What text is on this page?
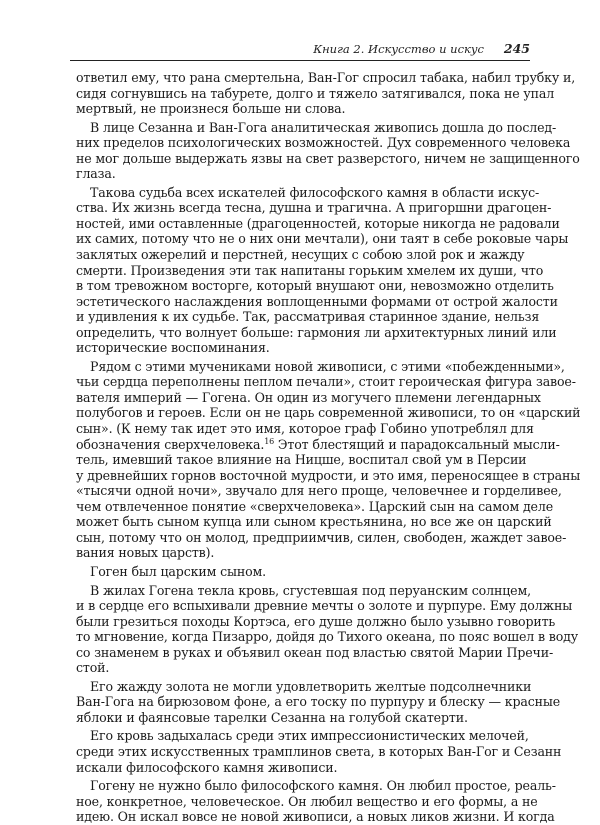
Книга 2. Искусство и искус 245
ответил ему, что рана смертельна, Ван-Гог спросил табака, набил трубку и,
сидя согнувшись на табурете, долго и тяжело затягивался, пока не упал
мертвый, не произнеся больше ни слова.
В лице Сезанна и Ван-Гога аналитическая живопись дошла до послед-
них пределов психологических возможностей. Дух современного человека
не мог дольше выдержать язвы на свет разверстого, ничем не защищенного
глаза.
Такова судьба всех искателей философского камня в области искус-
ства. Их жизнь всегда тесна, душна и трагична. А пригоршни драгоцен-
ностей, ими оставленные (драгоценностей, которые никогда не радовали
их самих, потому что не о них они мечтали), они таят в себе роковые чары
заклятых ожерелий и перстней, несущих с собою злой рок и жажду
смерти. Произведения эти так напитаны горьким хмелем их души, что
в том тревожном восторге, который внушают они, невозможно отделить
эстетического наслаждения воплощенными формами от острой жалости
и удивления к их судьбе. Так, рассматривая старинное здание, нельзя
определить, что волнует больше: гармония ли архитектурных линий или
исторические воспоминания.
Рядом с этими мучениками новой живописи, с этими «побежденными»,
чьи сердца переполнены пеплом печали», стоит героическая фигура завое-
вателя империй — Гогена. Он один из могучего племени легендарных
полубогов и героев. Если он не царь современной живописи, то он «царский
сын». (К нему так идет это имя, которое граф Гобино употреблял для
обозначения сверхчеловека.$^{16}$ Этот блестящий и парадоксальный мысли-
тель, имевший такое влияние на Ницше, воспитал свой ум в Персии
у древнейших горнов восточной мудрости, и это имя, переносящее в страны
«тысячи одной ночи», звучало для него проще, человечнее и горделивее,
чем отвлеченное понятие «сверхчеловека». Царский сын на самом деле
может быть сыном купца или сыном крестьянина, но все же он царский
сын, потому что он молод, предприимчив, силен, свободен, жаждет завое-
вания новых царств).
Гоген был царским сыном.
В жилах Гогена текла кровь, сгустевшая под перуанским солнцем,
и в сердце его вспыхивали древние мечты о золоте и пурпуре. Ему должны
были грезиться походы Кортэса, его душе должно было узывно говорить
то мгновение, когда Пизарро, дойдя до Тихого океана, по пояс вошел в воду
со знаменем в руках и объявил океан под властью святой Марии Пречи-
стой.
Его жажду золота не могли удовлетворить желтые подсолнечники
Ван-Гога на бирюзовом фоне, а его тоску по пурпуру и блеску — красные
яблоки и фаянсовые тарелки Сезанна на голубой скатерти.
Его кровь задыхалась среди этих импрессионистических мелочей,
среди этих искусственных трамплинов света, в которых Ван-Гог и Сезанн
искали философского камня живописи.
Гогену не нужно было философского камня. Он любил простое, реаль-
ное, конкретное, человеческое. Он любил вещество и его формы, а не
идею. Он искал вовсе не новой живописи, а новых ликов жизни. И когда
